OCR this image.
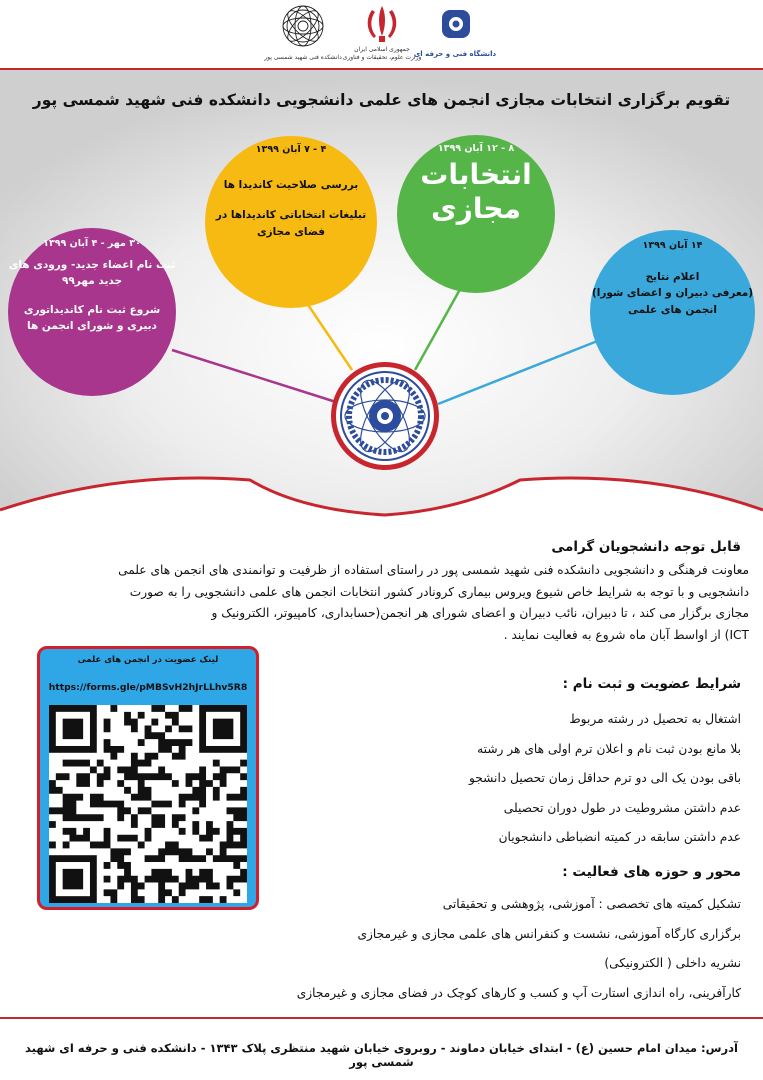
دانشکده فنی شهید شمسی پور
جمهوری اسلامی ایران
وزارت علوم، تحقیقات و فناوری
دانشگاه فنی و حرفه ای
تقویم برگزاری انتخابات مجازی انجمن های علمی دانشجویی دانشکده فنی شهید شمسی پور
۳۰ مهر - ۴ آبان ۱۳۹۹
ثبت نام اعضاء جدید- ورودی های
جدید مهر۹۹
شروع ثبت نام کاندیداتوری
دبیری و شورای انجمن ها
۴ - ۷ آبان ۱۳۹۹
بررسی صلاحیت کاندیدا ها
تبلیغات انتخاباتی کاندیداها در
فضای مجازی
۸ - ۱۲ آبان ۱۳۹۹
انتخابات
مجازی
۱۴ آبان ۱۳۹۹
اعلام نتایج
(معرفی دبیران و اعضای شورا)
انجمن های علمی
قابل توجه دانشجویان گرامی
معاونت فرهنگی و دانشجویی دانشکده فنی شهید شمسی پور در راستای استفاده از ظرفیت و توانمندی های انجمن های علمی
دانشجویی و با توجه به شرایط خاص شیوع ویروس بیماری کرونادر کشور انتخابات انجمن های علمی دانشجویی را به صورت
مجازی برگزار می کند ، تا دبیران، نائب دبیران و اعضای شورای هر انجمن(حسابداری، کامپیوتر، الکترونیک و
ICT) از اواسط آبان ماه شروع به فعالیت نمایند .
لینک عضویت در انجمن های علمی
https://forms.gle/pMBSvH2hJrLLhv5R8	شرایط عضویت و ثبت نام :
اشتغال به تحصیل در رشته مربوط
بلا مانع بودن ثبت نام و اعلان ترم اولی های هر رشته
باقی بودن یک الی دو ترم حداقل زمان تحصیل دانشجو
عدم داشتن مشروطیت در طول دوران تحصیلی
عدم داشتن سابقه در کمیته انضباطی دانشجویان
محور و حوزه های فعالیت :
تشکیل کمیته های تخصصی : آموزشی، پژوهشی و تحقیقاتی
برگزاری کارگاه آموزشی، نشست و کنفرانس های علمی مجازی و غیرمجازی
نشریه داخلی ( الکترونیکی)
کارآفرینی، راه اندازی استارت آپ و کسب و کارهای کوچک در فضای مجازی و غیرمجازی
آدرس: میدان امام حسین (ع) - ابتدای خیابان دماوند - روبروی خیابان شهید منتظری پلاک ۱۳۴۳ - دانشکده فنی و حرفه ای شهید شمسی پور
